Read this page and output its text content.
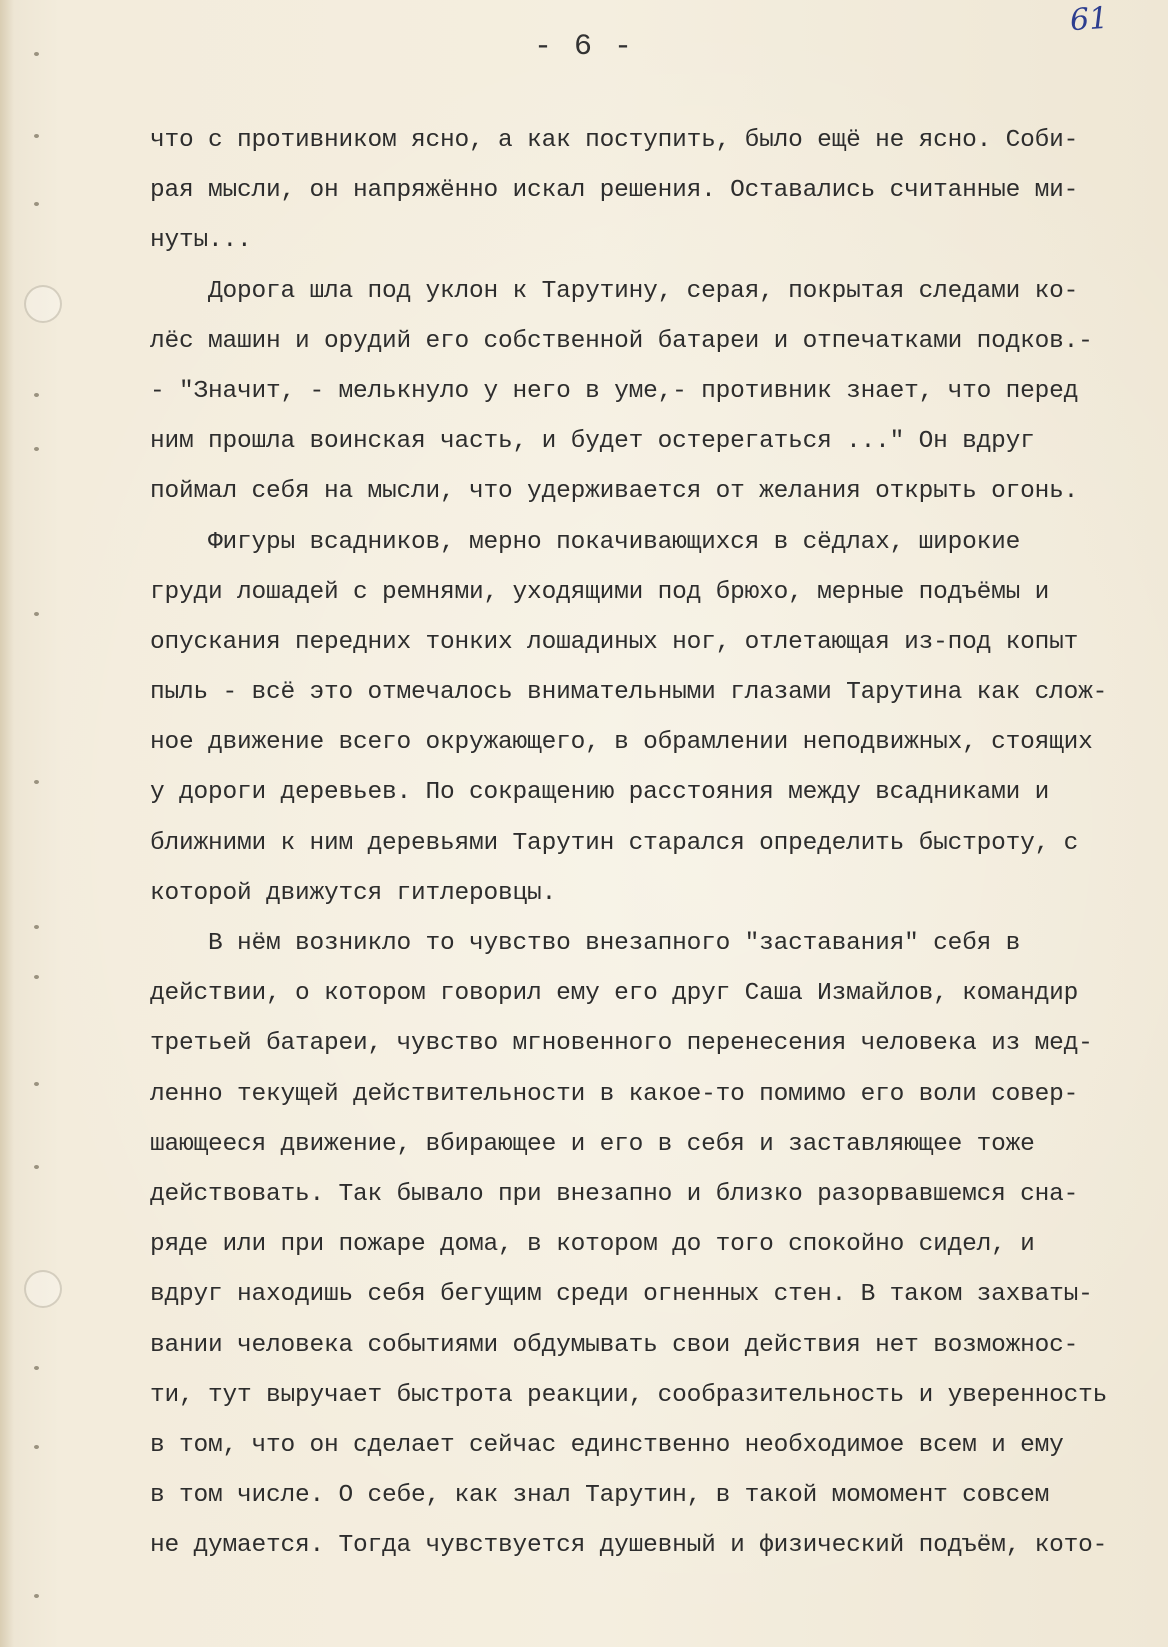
61
- 6 -
что с противником ясно, а как поступить, было ещё не ясно. Соби-
рая мысли, он напряжённо искал решения. Оставались считанные ми-
нуты...
Дорога шла под уклон к Тарутину, серая, покрытая следами ко-
лёс машин и орудий его собственной батареи и отпечатками подков.-
- "Значит, - мелькнуло у него в уме,- противник знает, что перед
ним прошла воинская часть, и будет остерегаться ..." Он вдруг
поймал себя на мысли, что удерживается от желания открыть огонь.
Фигуры всадников, мерно покачивающихся в сёдлах, широкие
груди лошадей с ремнями, уходящими под брюхо, мерные подъёмы и
опускания передних тонких лошадиных ног, отлетающая из-под копыт
пыль - всё это отмечалось внимательными глазами Тарутина как слож-
ное движение всего окружающего, в обрамлении неподвижных, стоящих
у дороги деревьев. По сокращению расстояния между всадниками и
ближними к ним деревьями Тарутин старался определить быстроту, с
которой движутся гитлеровцы.
В нём возникло то чувство внезапного "заставания" себя в
действии, о котором говорил ему его друг Саша Измайлов, командир
третьей батареи, чувство мгновенного перенесения человека из мед-
ленно текущей действительности в какое-то помимо его воли совер-
шающееся движение, вбирающее и его в себя и заставляющее тоже
действовать. Так бывало при внезапно и близко разорвавшемся сна-
ряде или при пожаре дома, в котором до того спокойно сидел, и
вдруг находишь себя бегущим среди огненных стен. В таком захваты-
вании человека событиями обдумывать свои действия нет возможнос-
ти, тут выручает быстрота реакции, сообразительность и уверенность
в том, что он сделает сейчас единственно необходимое всем и ему
в том числе. О себе, как знал Тарутин, в такой момомент совсем
не думается. Тогда чувствуется душевный и физический подъём, кото-
